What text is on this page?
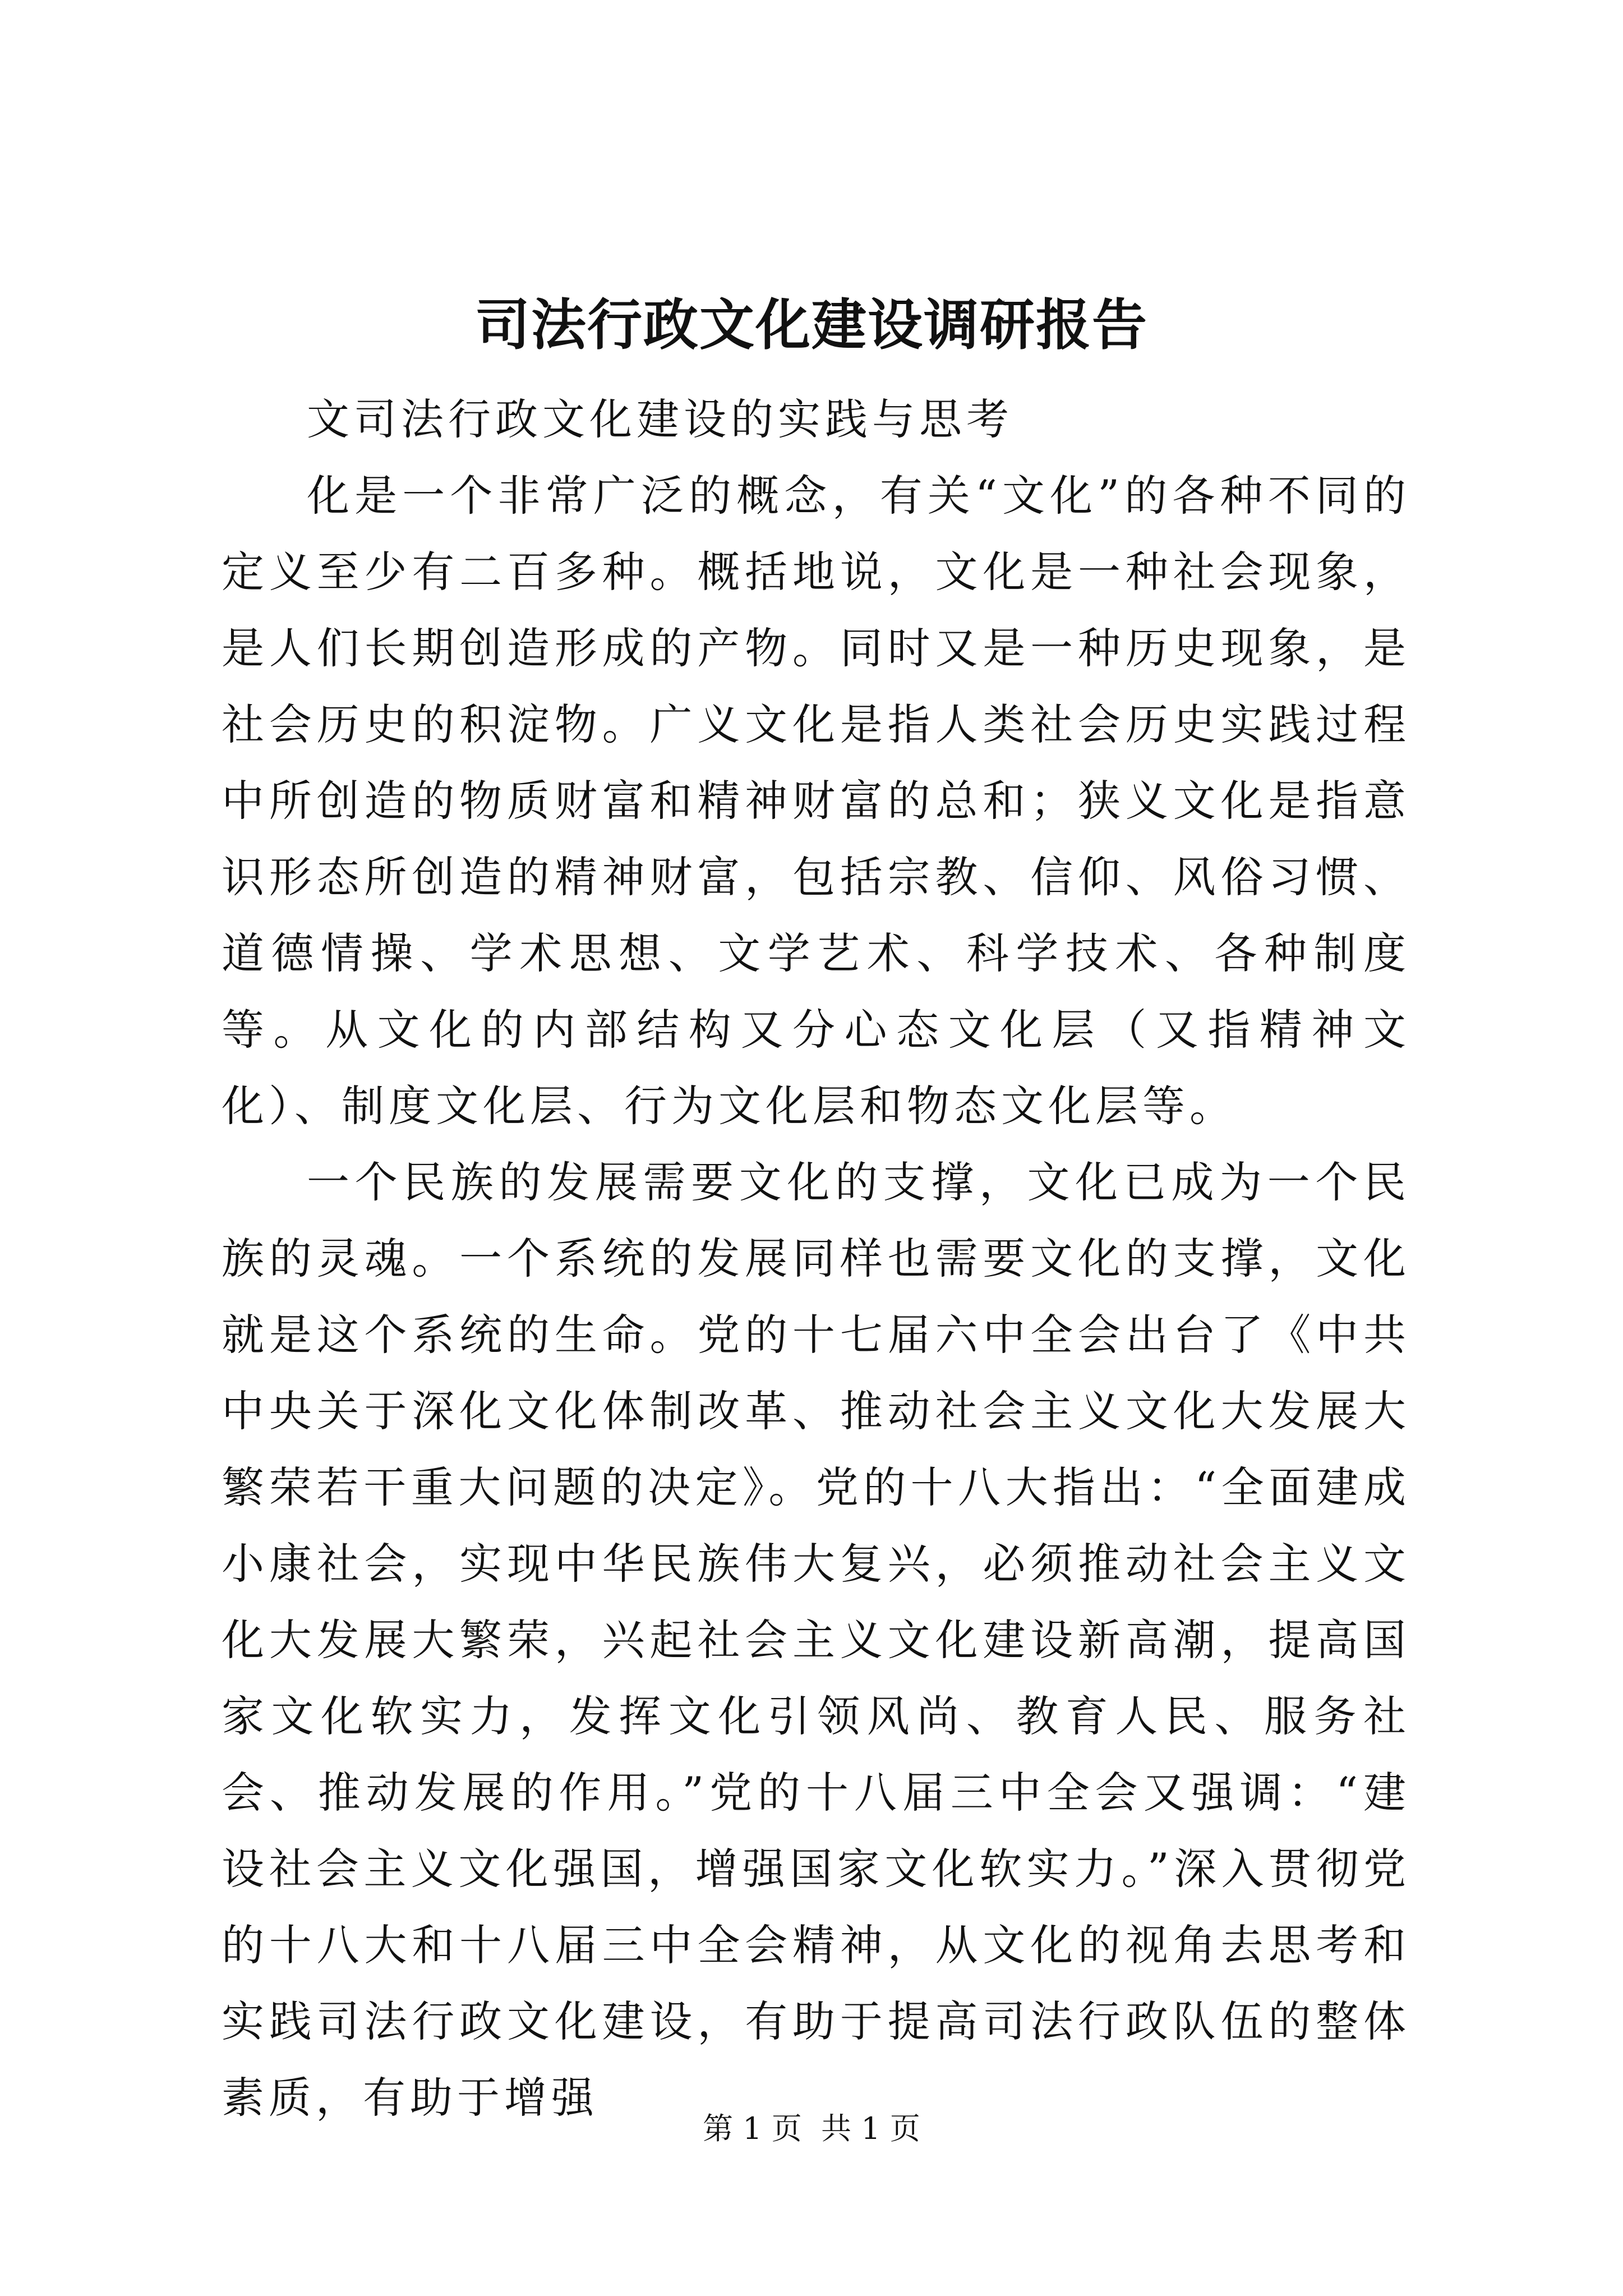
司法行政文化建设调研报告

文司法行政文化建设的实践与思考

化是一个非常广泛的概念，有关“文化”的各种不同的定义至少有二百多种。概括地说，文化是一种社会现象，是人们长期创造形成的产物。同时又是一种历史现象，是社会历史的积淀物。广义文化是指人类社会历史实践过程中所创造的物质财富和精神财富的总和；狭义文化是指意识形态所创造的精神财富，包括宗教、信仰、风俗习惯、道德情操、学术思想、文学艺术、科学技术、各种制度等。从文化的内部结构又分心态文化层（又指精神文化）、制度文化层、行为文化层和物态文化层等。

一个民族的发展需要文化的支撑，文化已成为一个民族的灵魂。一个系统的发展同样也需要文化的支撑，文化就是这个系统的生命。党的十七届六中全会出台了《中共中央关于深化文化体制改革、推动社会主义文化大发展大繁荣若干重大问题的决定》。党的十八大指出：“全面建成小康社会，实现中华民族伟大复兴，必须推动社会主义文化大发展大繁荣，兴起社会主义文化建设新高潮，提高国家文化软实力，发挥文化引领风尚、教育人民、服务社会、推动发展的作用。”党的十八届三中全会又强调：“建设社会主义文化强国，增强国家文化软实力。”深入贯彻党的十八大和十八届三中全会精神，从文化的视角去思考和实践司法行政文化建设，有助于提高司法行政队伍的整体素质，有助于增强

第 1 页  共 1 页
